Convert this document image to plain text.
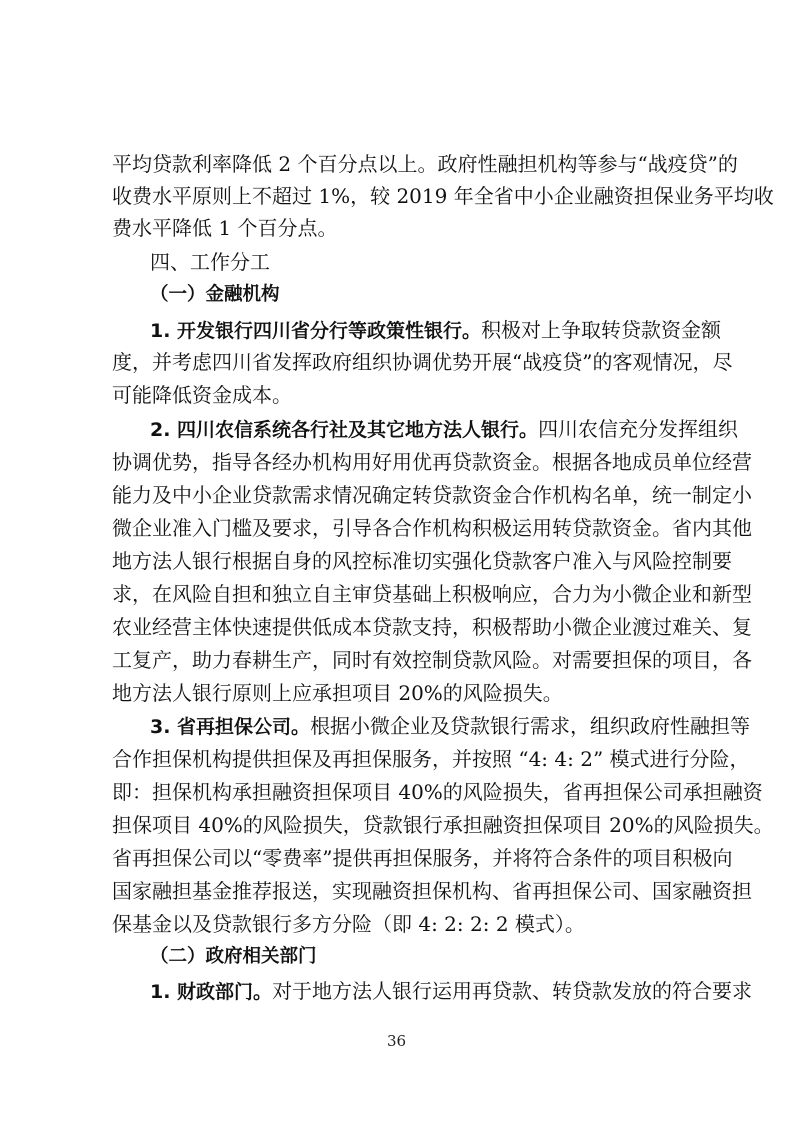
平均贷款利率降低 2 个百分点以上。政府性融担机构等参与“战疫贷”的
收费水平原则上不超过 1%，较 2019 年全省中小企业融资担保业务平均收
费水平降低 1 个百分点。
四、工作分工
（一）金融机构
1. 开发银行四川省分行等政策性银行。积极对上争取转贷款资金额
度，并考虑四川省发挥政府组织协调优势开展“战疫贷”的客观情况，尽
可能降低资金成本。
2. 四川农信系统各行社及其它地方法人银行。四川农信充分发挥组织
协调优势，指导各经办机构用好用优再贷款资金。根据各地成员单位经营
能力及中小企业贷款需求情况确定转贷款资金合作机构名单，统一制定小
微企业准入门槛及要求，引导各合作机构积极运用转贷款资金。省内其他
地方法人银行根据自身的风控标准切实强化贷款客户准入与风险控制要
求，在风险自担和独立自主审贷基础上积极响应，合力为小微企业和新型
农业经营主体快速提供低成本贷款支持，积极帮助小微企业渡过难关、复
工复产，助力春耕生产，同时有效控制贷款风险。对需要担保的项目，各
地方法人银行原则上应承担项目 20%的风险损失。
3. 省再担保公司。根据小微企业及贷款银行需求，组织政府性融担等
合作担保机构提供担保及再担保服务，并按照 “4: 4: 2” 模式进行分险，
即：担保机构承担融资担保项目 40%的风险损失，省再担保公司承担融资
担保项目 40%的风险损失，贷款银行承担融资担保项目 20%的风险损失。
省再担保公司以“零费率”提供再担保服务，并将符合条件的项目积极向
国家融担基金推荐报送，实现融资担保机构、省再担保公司、国家融资担
保基金以及贷款银行多方分险（即 4: 2: 2: 2 模式）。
（二）政府相关部门
1. 财政部门。对于地方法人银行运用再贷款、转贷款发放的符合要求
36
